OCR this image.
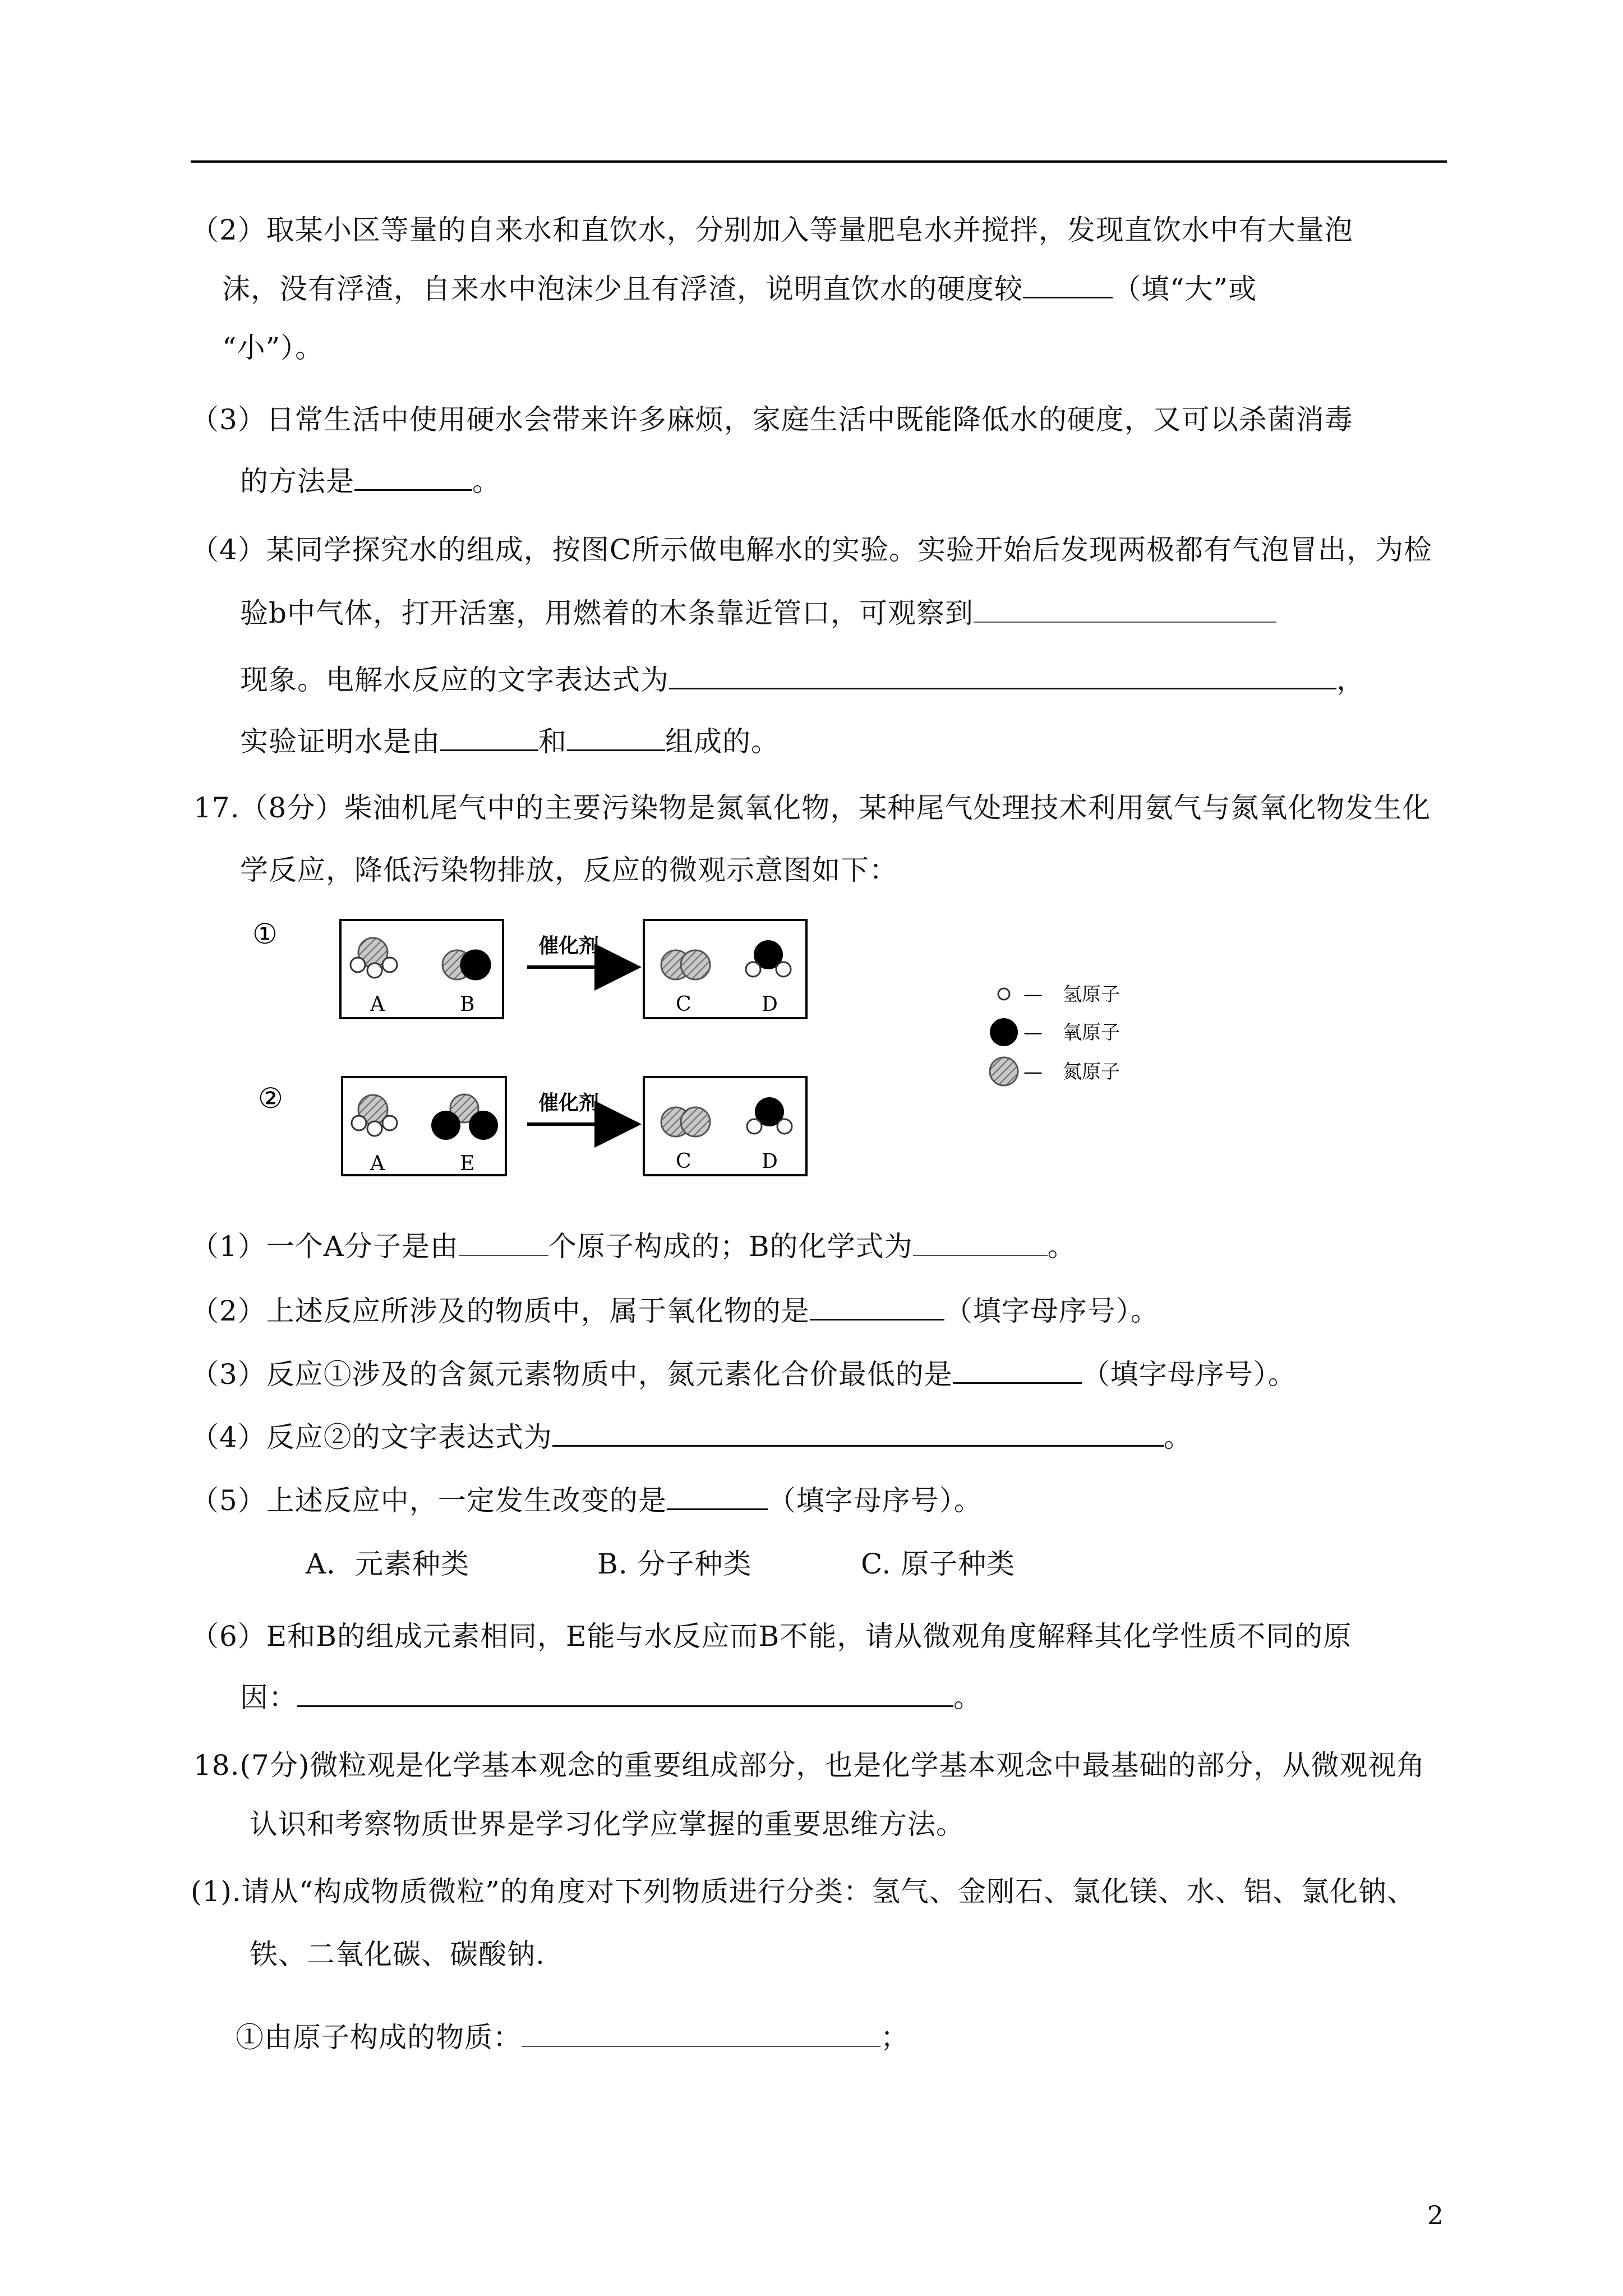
（2）取某小区等量的自来水和直饮水，分别加入等量肥皂水并搅拌，发现直饮水中有大量泡
沫，没有浮渣，自来水中泡沫少且有浮渣，说明直饮水的硬度较	（填“大”或
“小”）。
（3）日常生活中使用硬水会带来许多麻烦，家庭生活中既能降低水的硬度，又可以杀菌消毒
的方法是	。
（4）某同学探究水的组成，按图C所示做电解水的实验。实验开始后发现两极都有气泡冒出，为检
验b中气体，打开活塞，用燃着的木条靠近管口，可观察到
现象。电解水反应的文字表达式为	，
实验证明水是由	和	组成的。
17.（8分）柴油机尾气中的主要污染物是氮氧化物，某种尾气处理技术利用氨气与氮氧化物发生化
学反应，降低污染物排放，反应的微观示意图如下：
①
A	B
催化剂
C	D	— 氢原子
— 氧原子
— 氮原子
②
A	E
催化剂
C	D
（1）一个A分子是由	个原子构成的；B的化学式为	。
（2）上述反应所涉及的物质中，属于氧化物的是	（填字母序号）。
（3）反应①涉及的含氮元素物质中，氮元素化合价最低的是	（填字母序号）。
（4）反应②的文字表达式为	。
（5）上述反应中，一定发生改变的是	（填字母序号）。
A．元素种类	B. 分子种类	C. 原子种类
（6）E和B的组成元素相同，E能与水反应而B不能，请从微观角度解释其化学性质不同的原
因：	。
18.(7分)微粒观是化学基本观念的重要组成部分，也是化学基本观念中最基础的部分，从微观视角
认识和考察物质世界是学习化学应掌握的重要思维方法。
(1).请从“构成物质微粒”的角度对下列物质进行分类：氢气、金刚石、氯化镁、水、铝、氯化钠、
铁、二氧化碳、碳酸钠.
①由原子构成的物质：	；
2
